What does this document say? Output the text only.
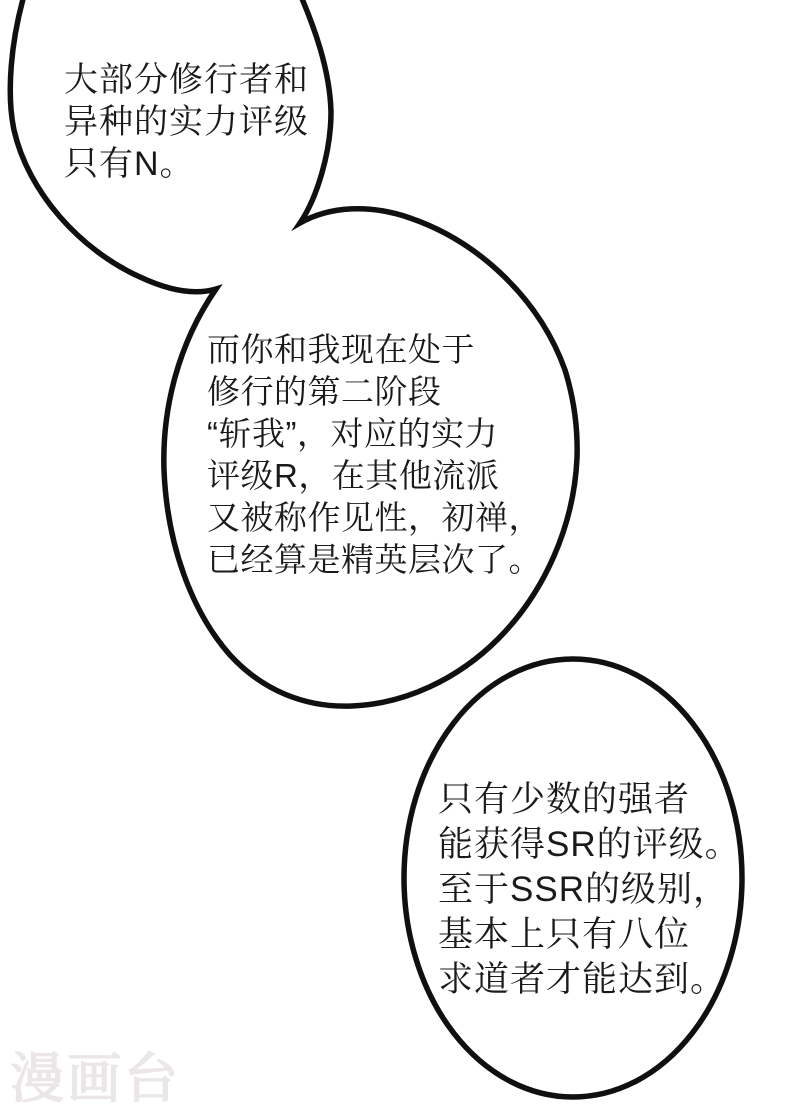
大部分修行者和
异种的实力评级
只有N。
而你和我现在处于
修行的第二阶段
“斩我”，对应的实力
评级R，在其他流派
又被称作见性，初禅，
已经算是精英层次了。
只有少数的强者
能获得SR的评级。
至于SSR的级别，
基本上只有八位
求道者才能达到。
漫画台
